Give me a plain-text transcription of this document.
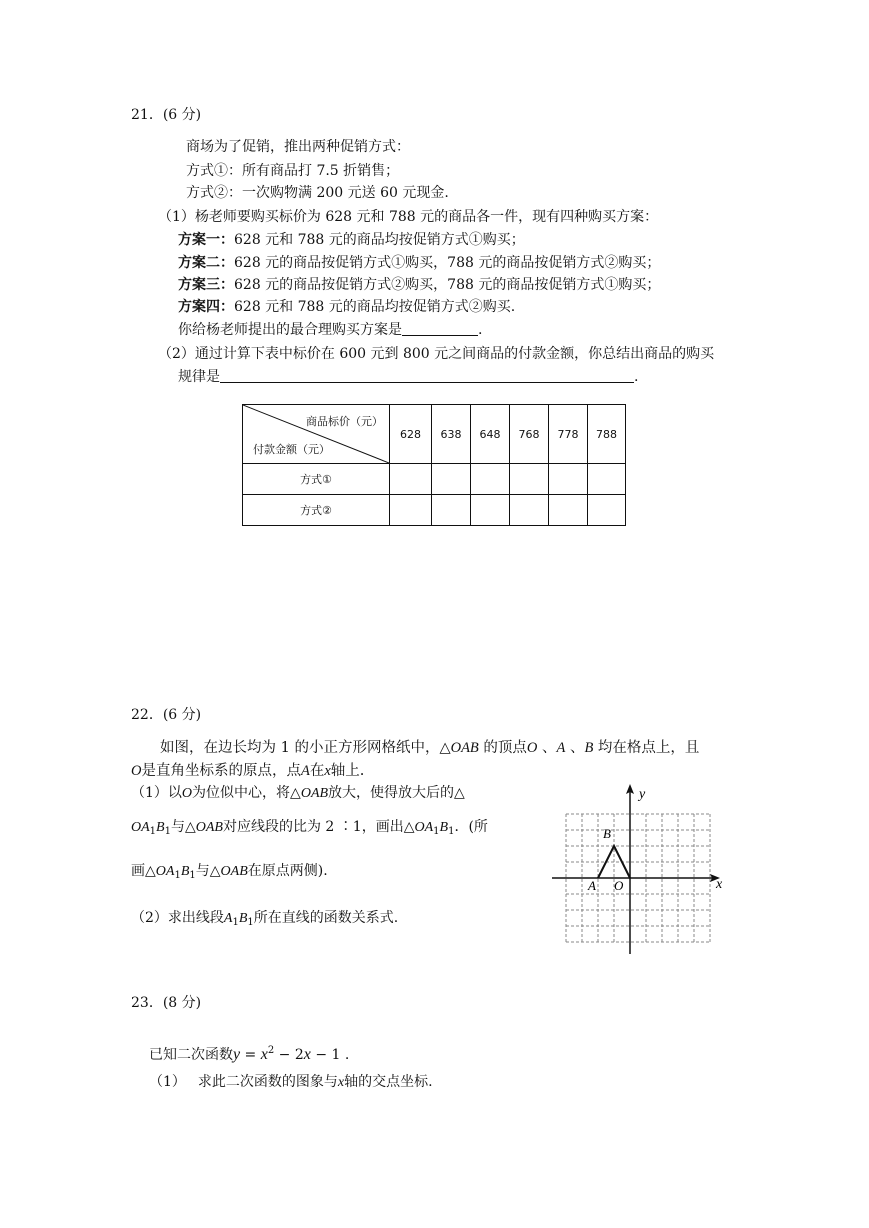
21．(6 分)
商场为了促销，推出两种促销方式：
方式①：所有商品打 7.5 折销售；
方式②：一次购物满 200 元送 60 元现金.
（1）杨老师要购买标价为 628 元和 788 元的商品各一件，现有四种购买方案：
方案一：628 元和 788 元的商品均按促销方式①购买；
方案二：628 元的商品按促销方式①购买，788 元的商品按促销方式②购买；
方案三：628 元的商品按促销方式②购买，788 元的商品按促销方式①购买；
方案四：628 元和 788 元的商品均按促销方式②购买.
你给杨老师提出的最合理购买方案是	.
（2）通过计算下表中标价在 600 元到 800 元之间商品的付款金额，你总结出商品的购买
规律是	.
商品标价（元）
付款金额（元）	628	638	648	768	778	788
方式①						
方式②						
22．(6 分)
如图，在边长均为 1 的小正方形网格纸中，△OAB 的顶点O 、A 、B 均在格点上，且
O是直角坐标系的原点，点A在x轴上.
（1）以O为位似中心，将△OAB放大，使得放大后的△
$OA_1B_1$与△OAB对应线段的比为 2 ∶1，画出$\triangle OA_1B_1$．(所
画$\triangle OA_1B_1$与△OAB在原点两侧).
（2）求出线段$A_1B_1$所在直线的函数关系式.
y
x
B
A O
23．(8 分)
已知二次函数$y = x^2 - 2x - 1$ .
（1） 求此二次函数的图象与x轴的交点坐标.
